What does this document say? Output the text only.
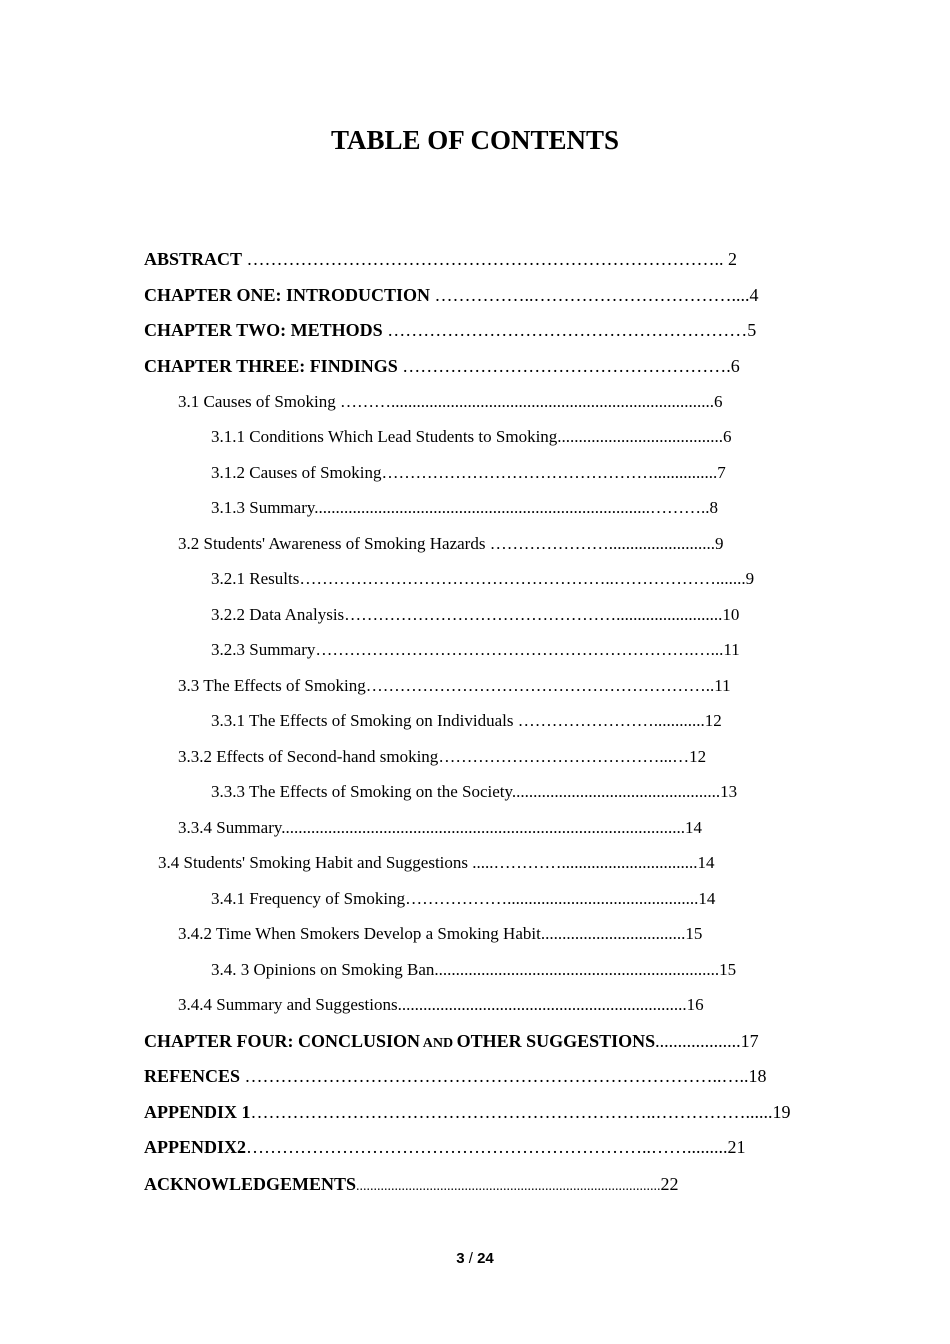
TABLE OF CONTENTS
ABSTRACT …………………………………………………………………….. 2
CHAPTER ONE: INTRODUCTION ……………..……………………………....4
CHAPTER TWO: METHODS ……………………………………………………5
CHAPTER THREE: FINDINGS ……………………………………………….6
3.1 Causes of Smoking ………............................................................................6
3.1.1 Conditions Which Lead Students to Smoking.......................................6
3.1.2 Causes of Smoking…………………………………………...............7
3.1.3 Summary...............................................................................………..8
3.2 Students' Awareness of Smoking Hazards ………………….........................9
3.2.1 Results………………………………………………..……………….......9
3.2.2 Data Analysis………………………………………….........................10
3.2.3 Summary………………………………………………………….…...11
3.3 The Effects of Smoking……………………………………………………..11
3.3.1 The Effects of Smoking on Individuals ……………………............12
3.3.2 Effects of Second-hand smoking…………………………………...…12
3.3.3 The Effects of Smoking on the Society.................................................13
3.3.4 Summary...............................................................................................14
3.4 Students' Smoking Habit and Suggestions .....…………................................14
3.4.1 Frequency of Smoking……………….............................................14
3.4.2 Time When Smokers Develop a Smoking Habit..................................15
3.4. 3 Opinions on Smoking Ban...................................................................15
3.4.4 Summary and Suggestions....................................................................16
CHAPTER FOUR: CONCLUSION AND OTHER SUGGESTIONS...................17
REFENCES ……………………………………………………………………..…..18
APPENDIX 1…………………………………………………………..……………......19
APPENDIX2…………………………………………………………..…….........21
ACKNOWLEDGEMENTS.......................................................................................22
3 / 24
